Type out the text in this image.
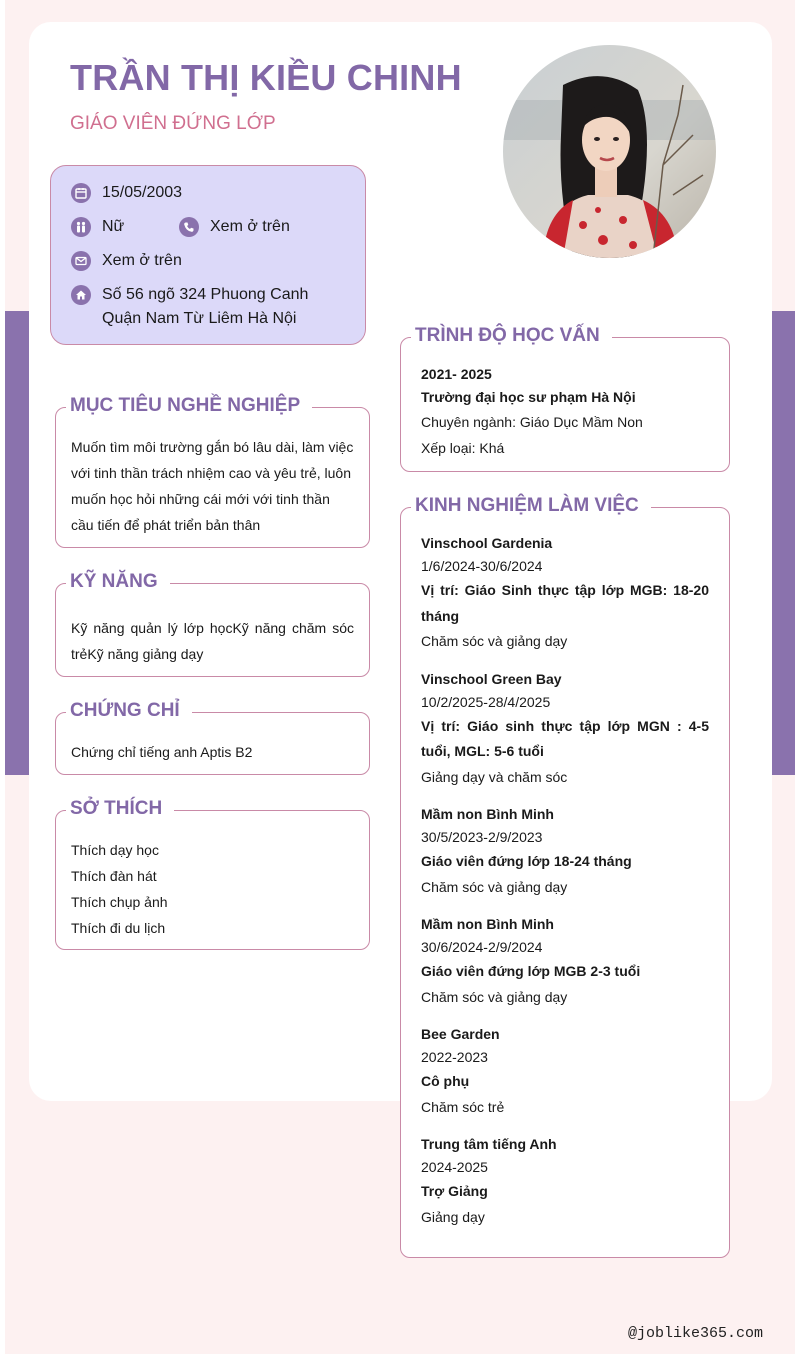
TRẦN THỊ KIỀU CHINH
GIÁO VIÊN ĐỨNG LỚP
15/05/2003
Nữ	Xem ở trên
Xem ở trên
Số 56 ngõ 324 Phuong Canh Quận Nam Từ Liêm Hà Nội
MỤC TIÊU NGHỀ NGHIỆP
Muốn tìm môi trường gắn bó lâu dài, làm việc với tinh thần trách nhiệm cao và yêu trẻ, luôn muốn học hỏi những cái mới với tinh thần cầu tiến để phát triển bản thân
KỸ NĂNG
Kỹ năng quản lý lớp họcKỹ năng chăm sóc trẻKỹ năng giảng dạy
CHỨNG CHỈ
Chứng chỉ tiếng anh Aptis B2
SỞ THÍCH
Thích dạy học
Thích đàn hát
Thích chụp ảnh
Thích đi du lịch
TRÌNH ĐỘ HỌC VẤN
2021- 2025
Trường đại học sư phạm Hà Nội
Chuyên ngành: Giáo Dục Mầm Non
Xếp loại: Khá
KINH NGHIỆM LÀM VIỆC
Vinschool Gardenia
1/6/2024-30/6/2024
Vị trí: Giáo Sinh thực tập lớp MGB: 18-20 tháng
Chăm sóc và giảng dạy
Vinschool Green Bay
10/2/2025-28/4/2025
Vị trí: Giáo sinh thực tập lớp MGN : 4-5 tuổi, MGL: 5-6 tuổi
Giảng dạy và chăm sóc
Mầm non Bình Minh
30/5/2023-2/9/2023
Giáo viên đứng lớp 18-24 tháng
Chăm sóc và giảng dạy
Mầm non Bình Minh
30/6/2024-2/9/2024
Giáo viên đứng lớp MGB 2-3 tuổi
Chăm sóc và giảng dạy
Bee Garden
2022-2023
Cô phụ
Chăm sóc trẻ
Trung tâm tiếng Anh
2024-2025
Trợ Giảng
Giảng dạy
@joblike365.com
